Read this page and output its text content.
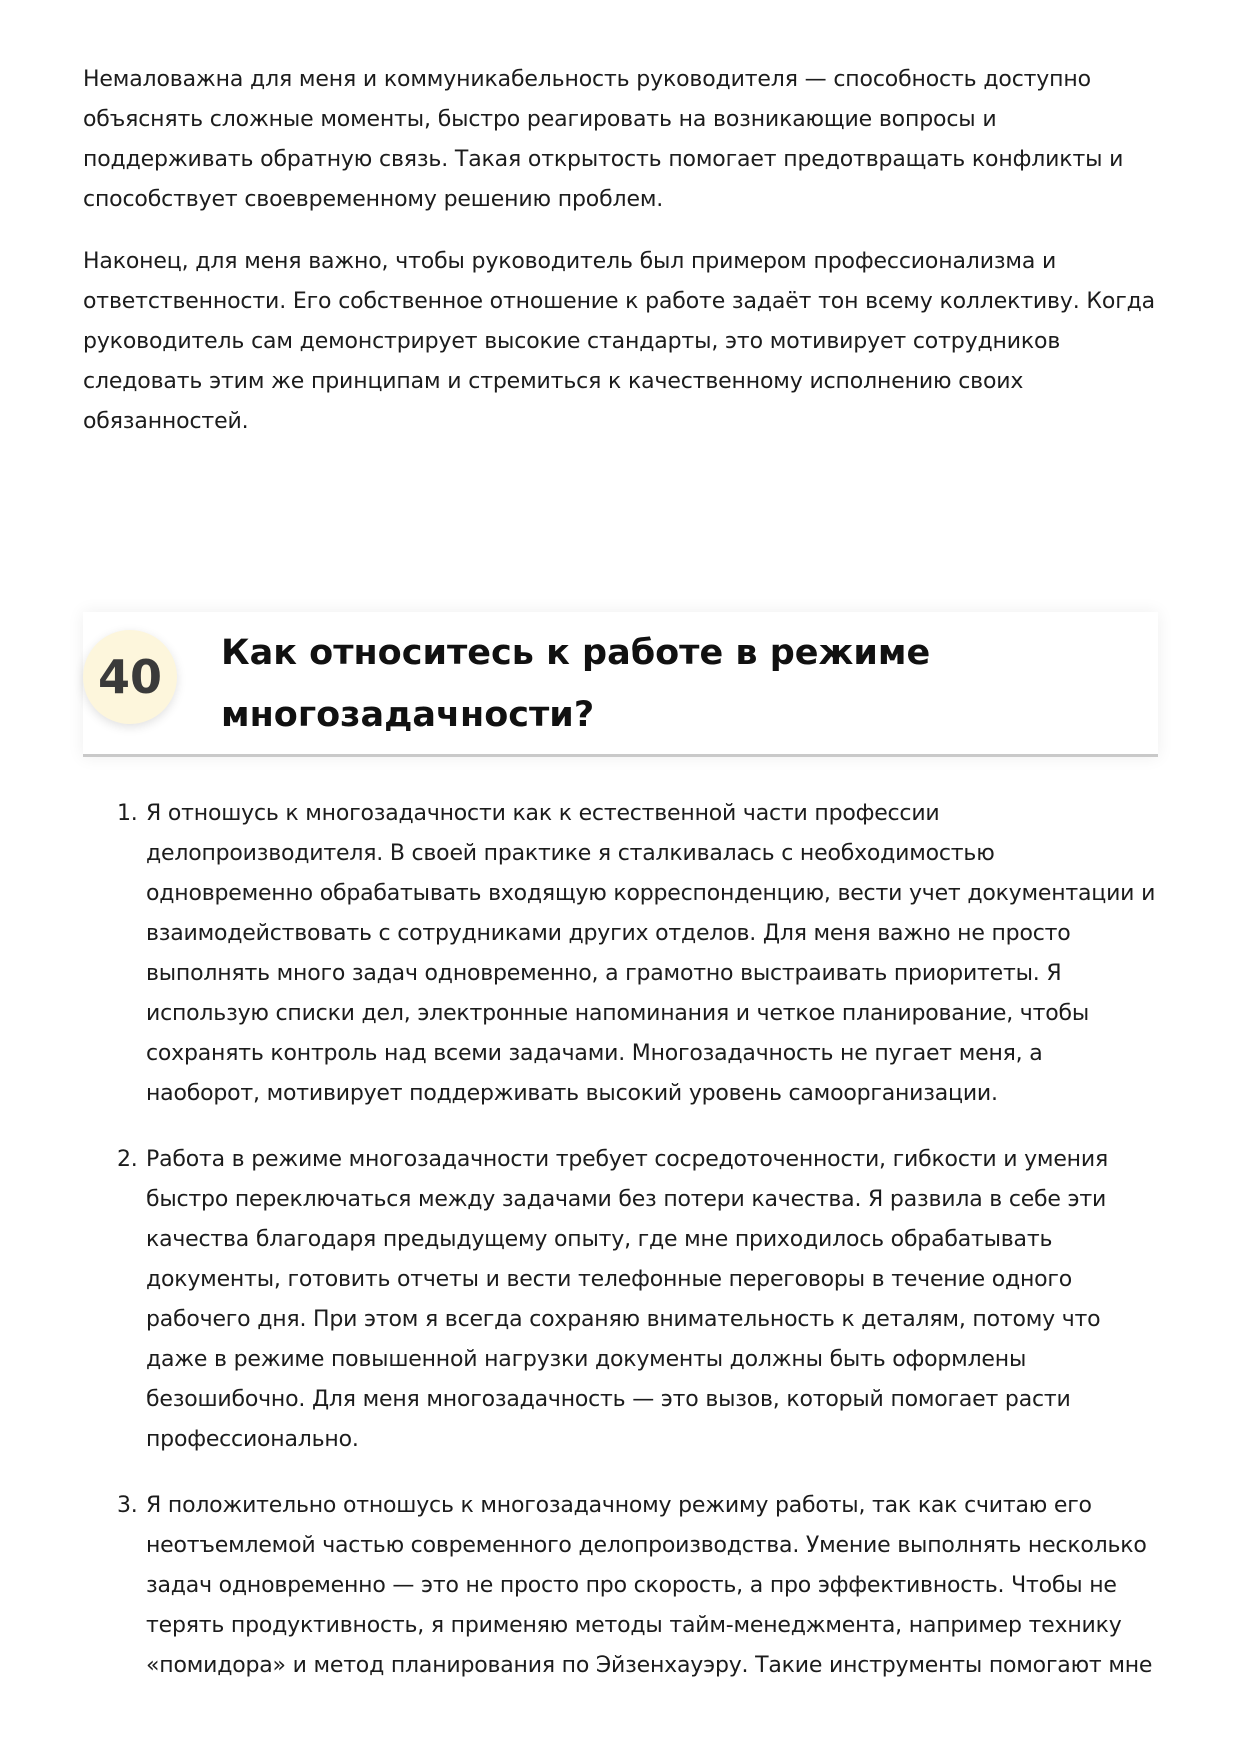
Немаловажна для меня и коммуникабельность руководителя — способность доступно объяснять сложные моменты, быстро реагировать на возникающие вопросы и поддерживать обратную связь. Такая открытость помогает предотвращать конфликты и способствует своевременному решению проблем.

Наконец, для меня важно, чтобы руководитель был примером профессионализма и ответственности. Его собственное отношение к работе задаёт тон всему коллективу. Когда руководитель сам демонстрирует высокие стандарты, это мотивирует сотрудников следовать этим же принципам и стремиться к качественному исполнению своих обязанностей.

40	Как относитесь к работе в режиме многозадачности?
1. Я отношусь к многозадачности как к естественной части профессии делопроизводителя. В своей практике я сталкивалась с необходимостью одновременно обрабатывать входящую корреспонденцию, вести учет документации и взаимодействовать с сотрудниками других отделов. Для меня важно не просто выполнять много задач одновременно, а грамотно выстраивать приоритеты. Я использую списки дел, электронные напоминания и четкое планирование, чтобы сохранять контроль над всеми задачами. Многозадачность не пугает меня, а наоборот, мотивирует поддерживать высокий уровень самоорганизации.
2. Работа в режиме многозадачности требует сосредоточенности, гибкости и умения быстро переключаться между задачами без потери качества. Я развила в себе эти качества благодаря предыдущему опыту, где мне приходилось обрабатывать документы, готовить отчеты и вести телефонные переговоры в течение одного рабочего дня. При этом я всегда сохраняю внимательность к деталям, потому что даже в режиме повышенной нагрузки документы должны быть оформлены безошибочно. Для меня многозадачность — это вызов, который помогает расти профессионально.
3. Я положительно отношусь к многозадачному режиму работы, так как считаю его неотъемлемой частью современного делопроизводства. Умение выполнять несколько задач одновременно — это не просто про скорость, а про эффективность. Чтобы не терять продуктивность, я применяю методы тайм-менеджмента, например технику «помидора» и метод планирования по Эйзенхауэру. Такие инструменты помогают мне
